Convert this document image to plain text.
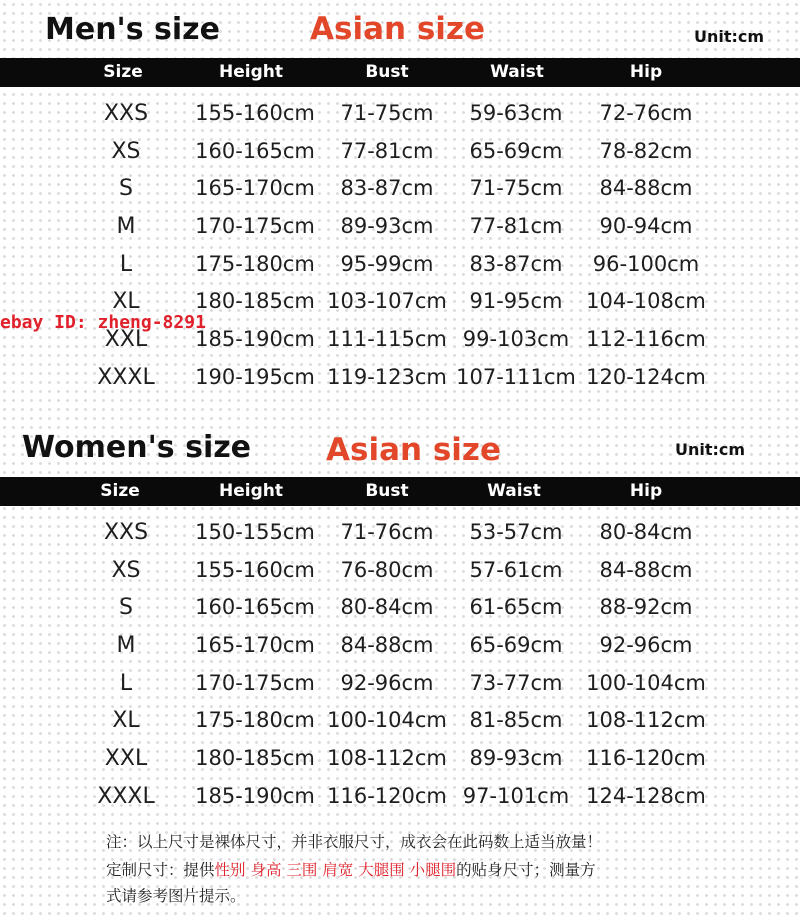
Men's size	Asian size	Unit:cm
Size	Height	Bust	Waist	Hip
XXS 155-160cm 71-75cm 59-63cm 72-76cm
XS	160-165cm 77-81cm 65-69cm 78-82cm
S	165-170cm 83-87cm 71-75cm 84-88cm
M	170-175cm 89-93cm 77-81cm 90-94cm
L	175-180cm 95-99cm 83-87cm 96-100cm
XL	180-185cm 103-107cm 91-95cm 104-108cm
XXL 185-190cm 111-115cm 99-103cm 112-116cm
XXXL 190-195cm 119-123cm 107-111cm 120-124cm
ebay ID: zheng-8291
Women's size Asian size	Unit:cm
Size	Height	Bust	Waist	Hip
XXS 150-155cm 71-76cm 53-57cm 80-84cm
XS	155-160cm 76-80cm 57-61cm 84-88cm
S	160-165cm 80-84cm 61-65cm 88-92cm
M	165-170cm 84-88cm 65-69cm 92-96cm
L	170-175cm 92-96cm 73-77cm 100-104cm
XL	175-180cm 100-104cm 81-85cm 108-112cm
XXL 180-185cm 108-112cm 89-93cm 116-120cm
XXXL 185-190cm 116-120cm 97-101cm 124-128cm
注：以上尺寸是裸体尺寸，并非衣服尺寸，成衣会在此码数上适当放量！
定制尺寸：提供性别 身高 三围 肩宽 大腿围 小腿围的贴身尺寸；测量方
式请参考图片提示。
